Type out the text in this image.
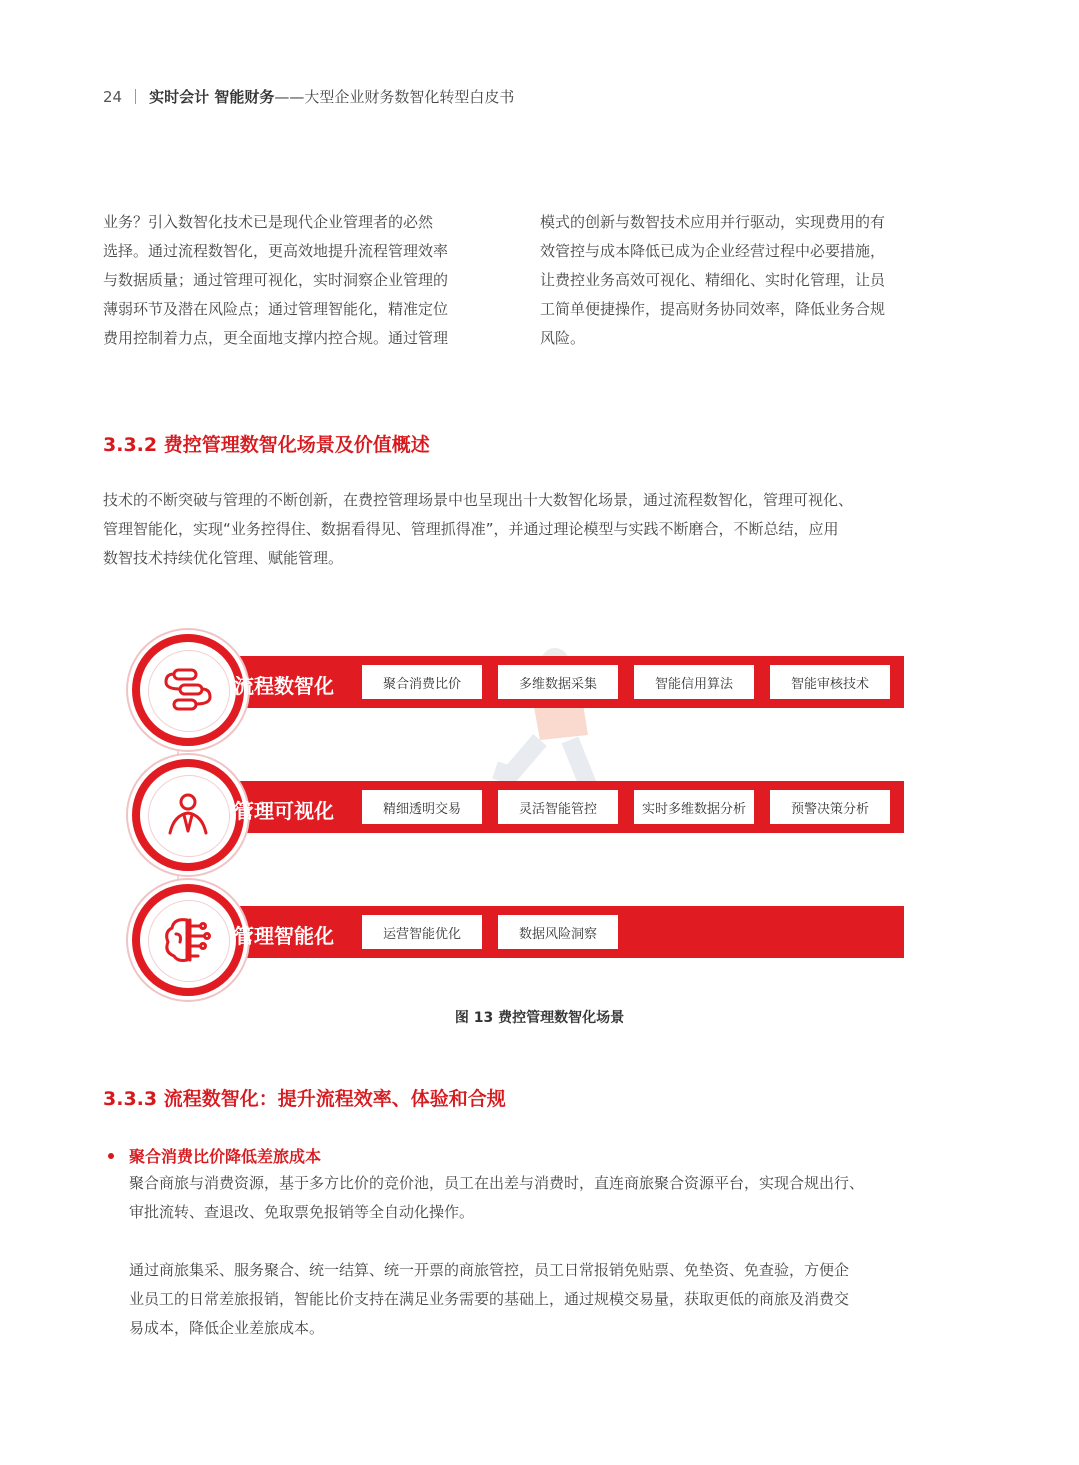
24 实时会计 智能财务——大型企业财务数智化转型白皮书

业务？引入数智化技术已是现代企业管理者的必然

选择。通过流程数智化，更高效地提升流程管理效率

与数据质量；通过管理可视化，实时洞察企业管理的

薄弱环节及潜在风险点；通过管理智能化，精准定位

费用控制着力点，更全面地支撑内控合规。通过管理

模式的创新与数智技术应用并行驱动，实现费用的有

效管控与成本降低已成为企业经营过程中必要措施，

让费控业务高效可视化、精细化、实时化管理，让员

工简单便捷操作，提高财务协同效率，降低业务合规

风险。

3.3.2 费控管理数智化场景及价值概述

技术的不断突破与管理的不断创新，在费控管理场景中也呈现出十大数智化场景，通过流程数智化，管理可视化、

管理智能化，实现“业务控得住、数据看得见、管理抓得准”，并通过理论模型与实践不断磨合，不断总结，应用

数智技术持续优化管理、赋能管理。

流程数智化	聚合消费比价	多维数据采集	智能信用算法	智能审核技术
管理可视化	精细透明交易	灵活智能管控	实时多维数据分析	预警决策分析
管理智能化	运营智能优化	数据风险洞察
图 13 费控管理数智化场景
3.3.3 流程数智化：提升流程效率、体验和合规
聚合消费比价降低差旅成本

聚合商旅与消费资源，基于多方比价的竞价池，员工在出差与消费时，直连商旅聚合资源平台，实现合规出行、

审批流转、查退改、免取票免报销等全自动化操作。

通过商旅集采、服务聚合、统一结算、统一开票的商旅管控，员工日常报销免贴票、免垫资、免查验，方便企

业员工的日常差旅报销，智能比价支持在满足业务需要的基础上，通过规模交易量，获取更低的商旅及消费交

易成本，降低企业差旅成本。
